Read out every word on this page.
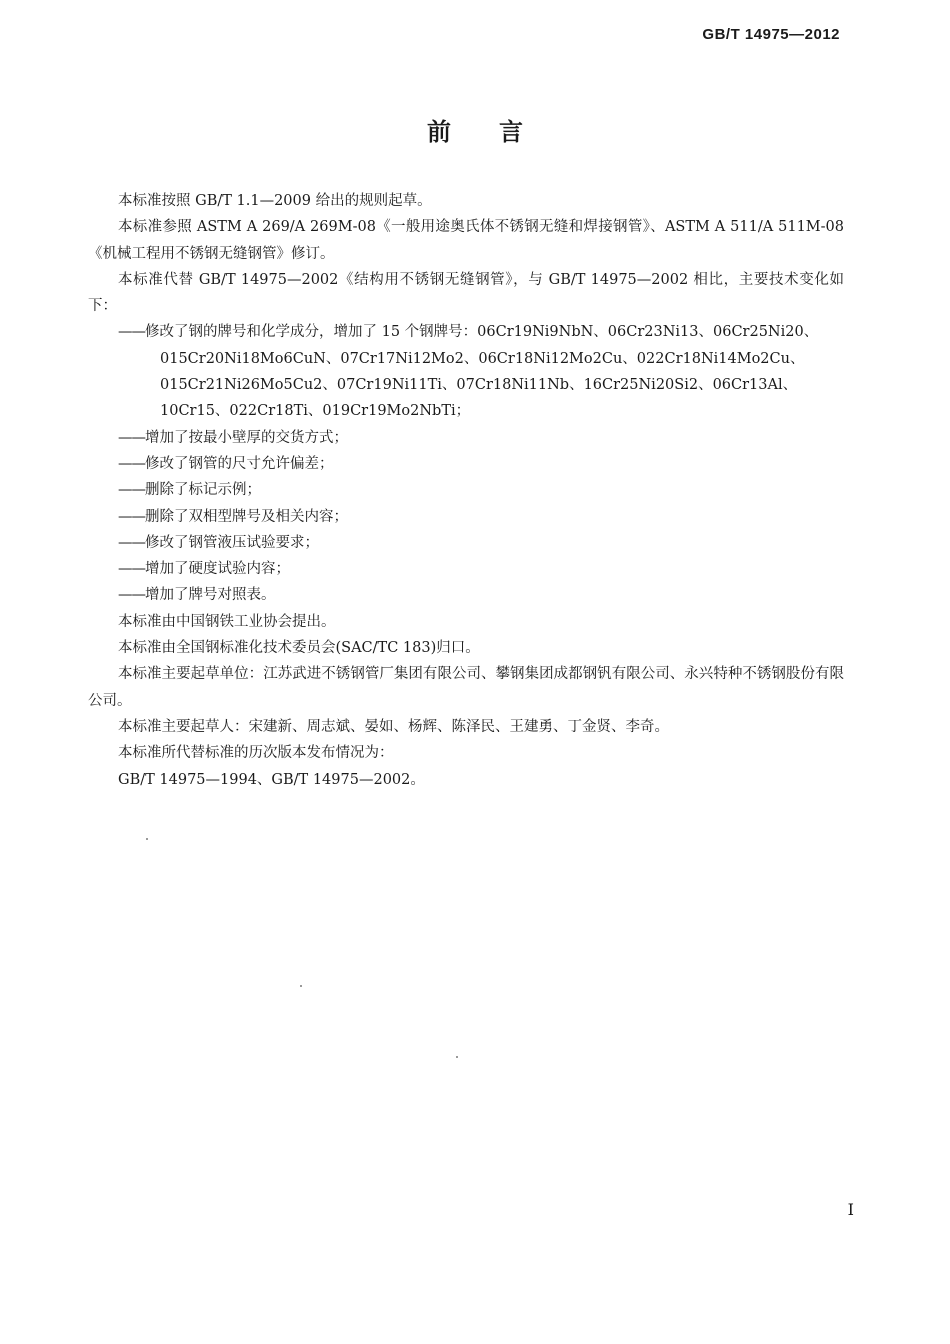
GB/T 14975—2012
前言

本标准按照 GB/T 1.1—2009 给出的规则起草。

本标准参照 ASTM A 269/A 269M-08《一般用途奥氏体不锈钢无缝和焊接钢管》、ASTM A 511/A 511M-08《机械工程用不锈钢无缝钢管》修订。

本标准代替 GB/T 14975—2002《结构用不锈钢无缝钢管》，与 GB/T 14975—2002 相比，主要技术变化如下：

——修改了钢的牌号和化学成分，增加了 15 个钢牌号：06Cr19Ni9NbN、06Cr23Ni13、06Cr25Ni20、015Cr20Ni18Mo6CuN、07Cr17Ni12Mo2、06Cr18Ni12Mo2Cu、022Cr18Ni14Mo2Cu、015Cr21Ni26Mo5Cu2、07Cr19Ni11Ti、07Cr18Ni11Nb、16Cr25Ni20Si2、06Cr13Al、10Cr15、022Cr18Ti、019Cr19Mo2NbTi；
——增加了按最小壁厚的交货方式；
——修改了钢管的尺寸允许偏差；
——删除了标记示例；
——删除了双相型牌号及相关内容；
——修改了钢管液压试验要求；
——增加了硬度试验内容；
——增加了牌号对照表。

本标准由中国钢铁工业协会提出。

本标准由全国钢标准化技术委员会(SAC/TC 183)归口。

本标准主要起草单位：江苏武进不锈钢管厂集团有限公司、攀钢集团成都钢钒有限公司、永兴特种不锈钢股份有限公司。

本标准主要起草人：宋建新、周志斌、晏如、杨辉、陈泽民、王建勇、丁金贤、李奇。

本标准所代替标准的历次版本发布情况为：

GB/T 14975—1994、GB/T 14975—2002。

I
